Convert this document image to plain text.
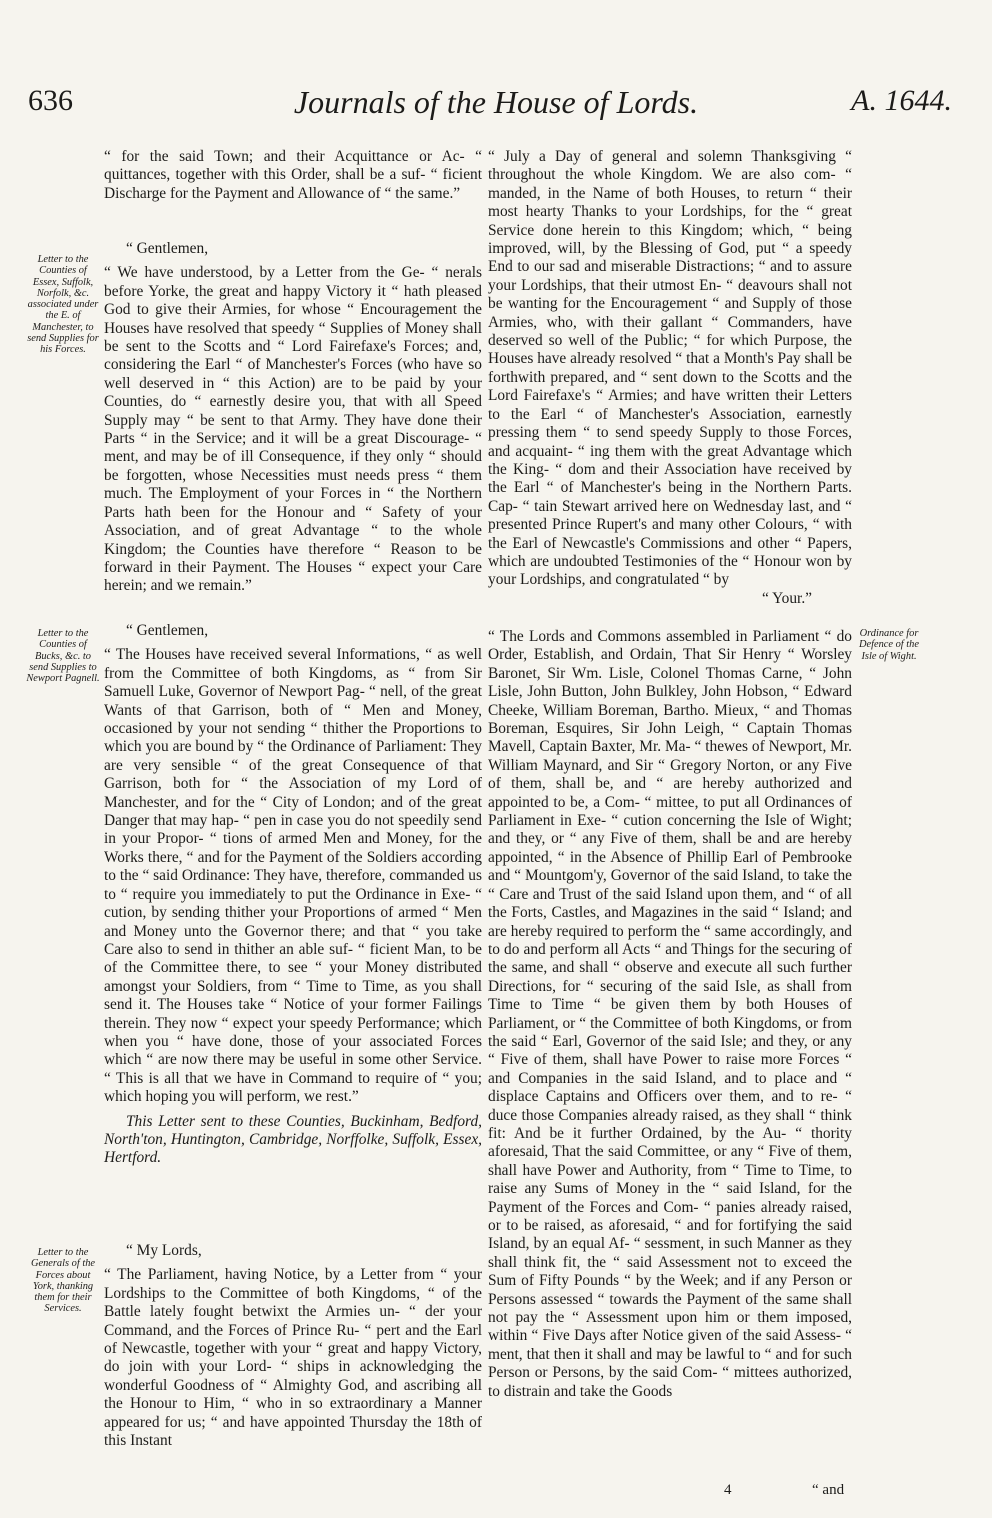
636	Journals of the House of Lords.	A. 1644.
Letter to the Counties of Essex, Suffolk, Norfolk, &c. associated under the E. of Manchester, to send Supplies for his Forces.
Letter to the Counties of Bucks, &c. to send Supplies to Newport Pagnell.
Letter to the Generals of the Forces about York, thanking them for their Services.
Ordinance for Defence of the Isle of Wight.

“ for the said Town; and their Acquittance or Ac- “ quittances, together with this Order, shall be a suf- “ ficient Discharge for the Payment and Allowance of “ the same.”

“ Gentlemen,

“ We have understood, by a Letter from the Ge- “ nerals before Yorke, the great and happy Victory it “ hath pleased God to give their Armies, for whose “ Encouragement the Houses have resolved that speedy “ Supplies of Money shall be sent to the Scotts and “ Lord Fairefaxe's Forces; and, considering the Earl “ of Manchester's Forces (who have so well deserved in “ this Action) are to be paid by your Counties, do “ earnestly desire you, that with all Speed Supply may “ be sent to that Army. They have done their Parts “ in the Service; and it will be a great Discourage- “ ment, and may be of ill Consequence, if they only “ should be forgotten, whose Necessities must needs press “ them much. The Employment of your Forces in “ the Northern Parts hath been for the Honour and “ Safety of your Association, and of great Advantage “ to the whole Kingdom; the Counties have therefore “ Reason to be forward in their Payment. The Houses “ expect your Care herein; and we remain.”

“ Gentlemen,

“ The Houses have received several Informations, “ as well from the Committee of both Kingdoms, as “ from Sir Samuell Luke, Governor of Newport Pag- “ nell, of the great Wants of that Garrison, both of “ Men and Money, occasioned by your not sending “ thither the Proportions to which you are bound by “ the Ordinance of Parliament: They are very sensible “ of the great Consequence of that Garrison, both for “ the Association of my Lord of Manchester, and for the “ City of London; and of the great Danger that may hap- “ pen in case you do not speedily send in your Propor- “ tions of armed Men and Money, for the Works there, “ and for the Payment of the Soldiers according to the “ said Ordinance: They have, therefore, commanded us to “ require you immediately to put the Ordinance in Exe- “ cution, by sending thither your Proportions of armed “ Men and Money unto the Governor there; and that “ you take Care also to send in thither an able suf- “ ficient Man, to be of the Committee there, to see “ your Money distributed amongst your Soldiers, from “ Time to Time, as you shall send it. The Houses take “ Notice of your former Failings therein. They now “ expect your speedy Performance; which when you “ have done, those of your associated Forces which “ are now there may be useful in some other Service. “ This is all that we have in Command to require of “ you; which hoping you will perform, we rest.”

This Letter sent to these Counties, Buckinham, Bedford, North'ton, Huntington, Cambridge, Norffolke, Suffolk, Essex, Hertford.

“ My Lords,

“ The Parliament, having Notice, by a Letter from “ your Lordships to the Committee of both Kingdoms, “ of the Battle lately fought betwixt the Armies un- “ der your Command, and the Forces of Prince Ru- “ pert and the Earl of Newcastle, together with your “ great and happy Victory, do join with your Lord- “ ships in acknowledging the wonderful Goodness of “ Almighty God, and ascribing all the Honour to Him, “ who in so extraordinary a Manner appeared for us; “ and have appointed Thursday the 18th of this Instant

“ July a Day of general and solemn Thanksgiving “ throughout the whole Kingdom. We are also com- “ manded, in the Name of both Houses, to return “ their most hearty Thanks to your Lordships, for the “ great Service done herein to this Kingdom; which, “ being improved, will, by the Blessing of God, put “ a speedy End to our sad and miserable Distractions; “ and to assure your Lordships, that their utmost En- “ deavours shall not be wanting for the Encouragement “ and Supply of those Armies, who, with their gallant “ Commanders, have deserved so well of the Public; “ for which Purpose, the Houses have already resolved “ that a Month's Pay shall be forthwith prepared, and “ sent down to the Scotts and the Lord Fairefaxe's “ Armies; and have written their Letters to the Earl “ of Manchester's Association, earnestly pressing them “ to send speedy Supply to those Forces, and acquaint- “ ing them with the great Advantage which the King- “ dom and their Association have received by the Earl “ of Manchester's being in the Northern Parts. Cap- “ tain Stewart arrived here on Wednesday last, and “ presented Prince Rupert's and many other Colours, “ with the Earl of Newcastle's Commissions and other “ Papers, which are undoubted Testimonies of the “ Honour won by your Lordships, and congratulated “ by

“ Your.”

“ The Lords and Commons assembled in Parliament “ do Order, Establish, and Ordain, That Sir Henry “ Worsley Baronet, Sir Wm. Lisle, Colonel Thomas Carne, “ John Lisle, John Button, John Bulkley, John Hobson, “ Edward Cheeke, William Boreman, Bartho. Mieux, “ and Thomas Boreman, Esquires, Sir John Leigh, “ Captain Thomas Mavell, Captain Baxter, Mr. Ma- “ thewes of Newport, Mr. William Maynard, and Sir “ Gregory Norton, or any Five of them, shall be, and “ are hereby authorized and appointed to be, a Com- “ mittee, to put all Ordinances of Parliament in Exe- “ cution concerning the Isle of Wight; and they, or “ any Five of them, shall be and are hereby appointed, “ in the Absence of Phillip Earl of Pembrooke and “ Mountgom'y, Governor of the said Island, to take the “ Care and Trust of the said Island upon them, and “ of all the Forts, Castles, and Magazines in the said “ Island; and are hereby required to perform the “ same accordingly, and to do and perform all Acts “ and Things for the securing of the same, and shall “ observe and execute all such further Directions, for “ securing of the said Isle, as shall from Time to Time “ be given them by both Houses of Parliament, or “ the Committee of both Kingdoms, or from the said “ Earl, Governor of the said Isle; and they, or any “ Five of them, shall have Power to raise more Forces “ and Companies in the said Island, and to place and “ displace Captains and Officers over them, and to re- “ duce those Companies already raised, as they shall “ think fit: And be it further Ordained, by the Au- “ thority aforesaid, That the said Committee, or any “ Five of them, shall have Power and Authority, from “ Time to Time, to raise any Sums of Money in the “ said Island, for the Payment of the Forces and Com- “ panies already raised, or to be raised, as aforesaid, “ and for fortifying the said Island, by an equal Af- “ sessment, in such Manner as they shall think fit, the “ said Assessment not to exceed the Sum of Fifty Pounds “ by the Week; and if any Person or Persons assessed “ towards the Payment of the same shall not pay the “ Assessment upon him or them imposed, within “ Five Days after Notice given of the said Assess- “ ment, that then it shall and may be lawful to “ and for such Person or Persons, by the said Com- “ mittees authorized, to distrain and take the Goods

4	“ and
